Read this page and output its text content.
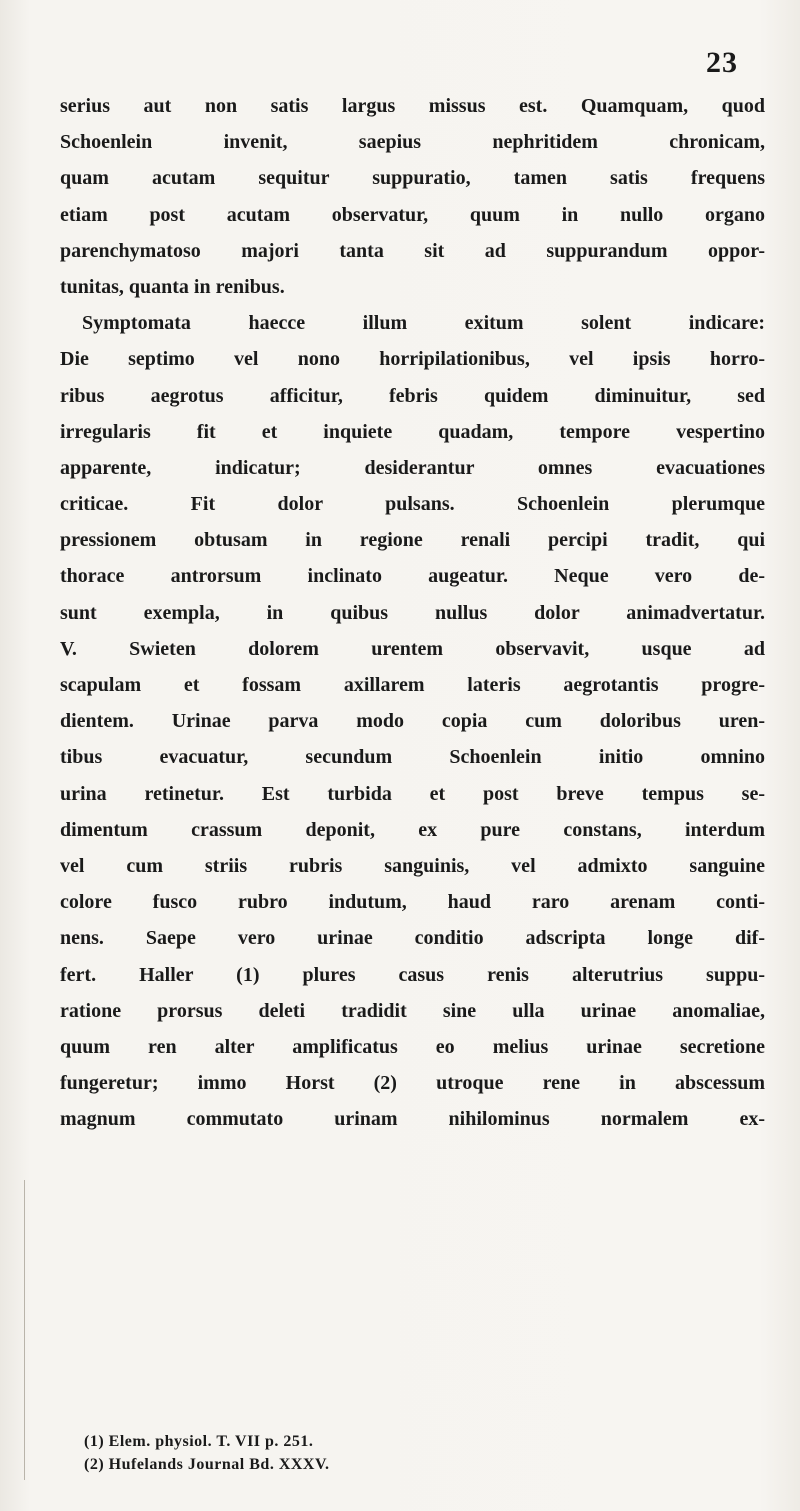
23
serius aut non satis largus missus est. Quamquam, quod
Schoenlein invenit, saepius nephritidem chronicam,
quam acutam sequitur suppuratio, tamen satis frequens
etiam post acutam observatur, quum in nullo organo
parenchymatoso majori tanta sit ad suppurandum oppor-
tunitas, quanta in renibus.
Symptomata haecce illum exitum solent indicare:
Die septimo vel nono horripilationibus, vel ipsis horro-
ribus aegrotus afficitur, febris quidem diminuitur, sed
irregularis fit et inquiete quadam, tempore vespertino
apparente, indicatur; desiderantur omnes evacuationes
criticae. Fit dolor pulsans. Schoenlein plerumque
pressionem obtusam in regione renali percipi tradit, qui
thorace antrorsum inclinato augeatur. Neque vero de-
sunt exempla, in quibus nullus dolor animadvertatur.
V. Swieten dolorem urentem observavit, usque ad
scapulam et fossam axillarem lateris aegrotantis progre-
dientem. Urinae parva modo copia cum doloribus uren-
tibus evacuatur, secundum Schoenlein initio omnino
urina retinetur. Est turbida et post breve tempus se-
dimentum crassum deponit, ex pure constans, interdum
vel cum striis rubris sanguinis, vel admixto sanguine
colore fusco rubro indutum, haud raro arenam conti-
nens. Saepe vero urinae conditio adscripta longe dif-
fert. Haller (1) plures casus renis alterutrius suppu-
ratione prorsus deleti tradidit sine ulla urinae anomaliae,
quum ren alter amplificatus eo melius urinae secretione
fungeretur; immo Horst (2) utroque rene in abscessum
magnum commutato urinam nihilominus normalem ex-
(1) Elem. physiol. T. VII p. 251.
(2) Hufelands Journal Bd. XXXV.
